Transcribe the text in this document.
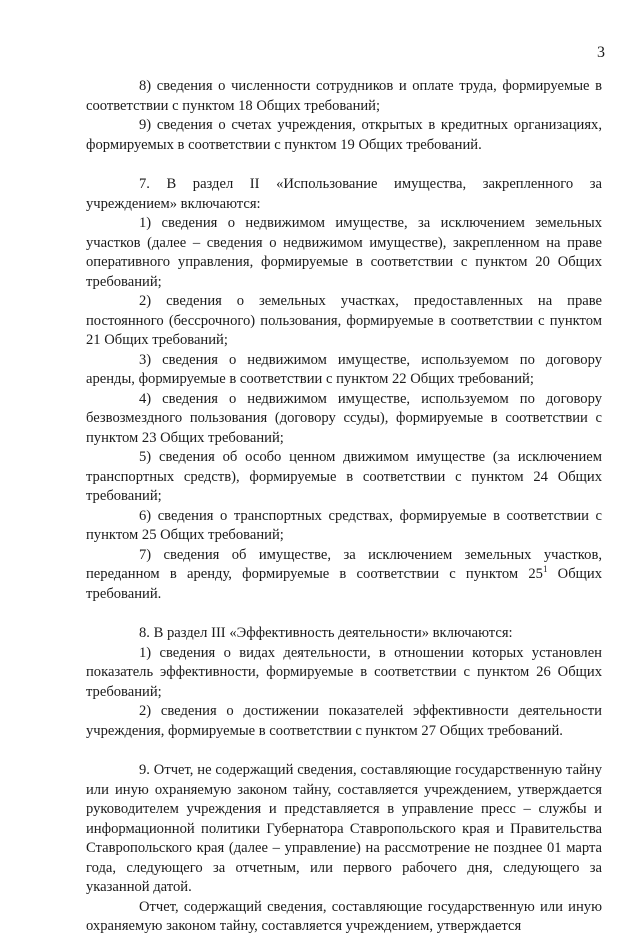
3

8) сведения о численности сотрудников и оплате труда, формируемые в соответствии с пунктом 18 Общих требований;

9) сведения о счетах учреждения, открытых в кредитных организациях, формируемых в соответствии с пунктом 19 Общих требований.

7. В раздел II «Использование имущества, закрепленного за учреждением» включаются:

1) сведения о недвижимом имуществе, за исключением земельных участков (далее – сведения о недвижимом имуществе), закрепленном на праве оперативного управления, формируемые в соответствии с пунктом 20 Общих требований;

2) сведения о земельных участках, предоставленных на праве постоянного (бессрочного) пользования, формируемые в соответствии с пунктом 21 Общих требований;

3) сведения о недвижимом имуществе, используемом по договору аренды, формируемые в соответствии с пунктом 22 Общих требований;

4) сведения о недвижимом имуществе, используемом по договору безвозмездного пользования (договору ссуды), формируемые в соответствии с пунктом 23 Общих требований;

5) сведения об особо ценном движимом имуществе (за исключением транспортных средств), формируемые в соответствии с пунктом 24 Общих требований;

6) сведения о транспортных средствах, формируемые в соответствии с пунктом 25 Общих требований;

7) сведения об имуществе, за исключением земельных участков, переданном в аренду, формируемые в соответствии с пунктом $25^1$ Общих требований.

8. В раздел III «Эффективность деятельности» включаются:

1) сведения о видах деятельности, в отношении которых установлен показатель эффективности, формируемые в соответствии с пунктом 26 Общих требований;

2) сведения о достижении показателей эффективности деятельности учреждения, формируемые в соответствии с пунктом 27 Общих требований.

9. Отчет, не содержащий сведения, составляющие государственную тайну или иную охраняемую законом тайну, составляется учреждением, утверждается руководителем учреждения и представляется в управление пресс – службы и информационной политики Губернатора Ставропольского края и Правительства Ставропольского края (далее – управление) на рассмотрение не позднее 01 марта года, следующего за отчетным, или первого рабочего дня, следующего за указанной датой.

Отчет, содержащий сведения, составляющие государственную или иную охраняемую законом тайну, составляется учреждением, утверждается
